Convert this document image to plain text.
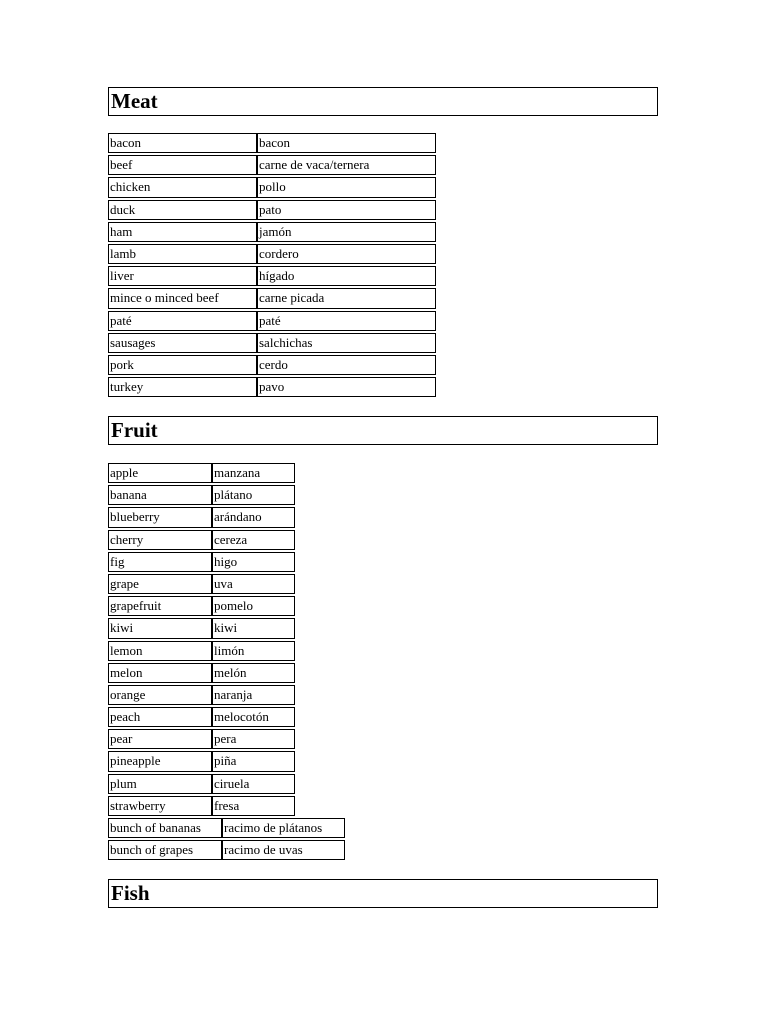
Meat
bacon	bacon
beef	carne de vaca/ternera
chicken	pollo
duck	pato
ham	jamón
lamb	cordero
liver	hígado
mince o minced beef	carne picada
paté	paté
sausages	salchichas
pork	cerdo
turkey	pavo
Fruit
apple	manzana
banana	plátano
blueberry	arándano
cherry	cereza
fig	higo
grape	uva
grapefruit	pomelo
kiwi	kiwi
lemon	limón
melon	melón
orange	naranja
peach	melocotón
pear	pera
pineapple	piña
plum	ciruela
strawberry	fresa
bunch of bananas	racimo de plátanos
bunch of grapes	racimo de uvas
Fish
